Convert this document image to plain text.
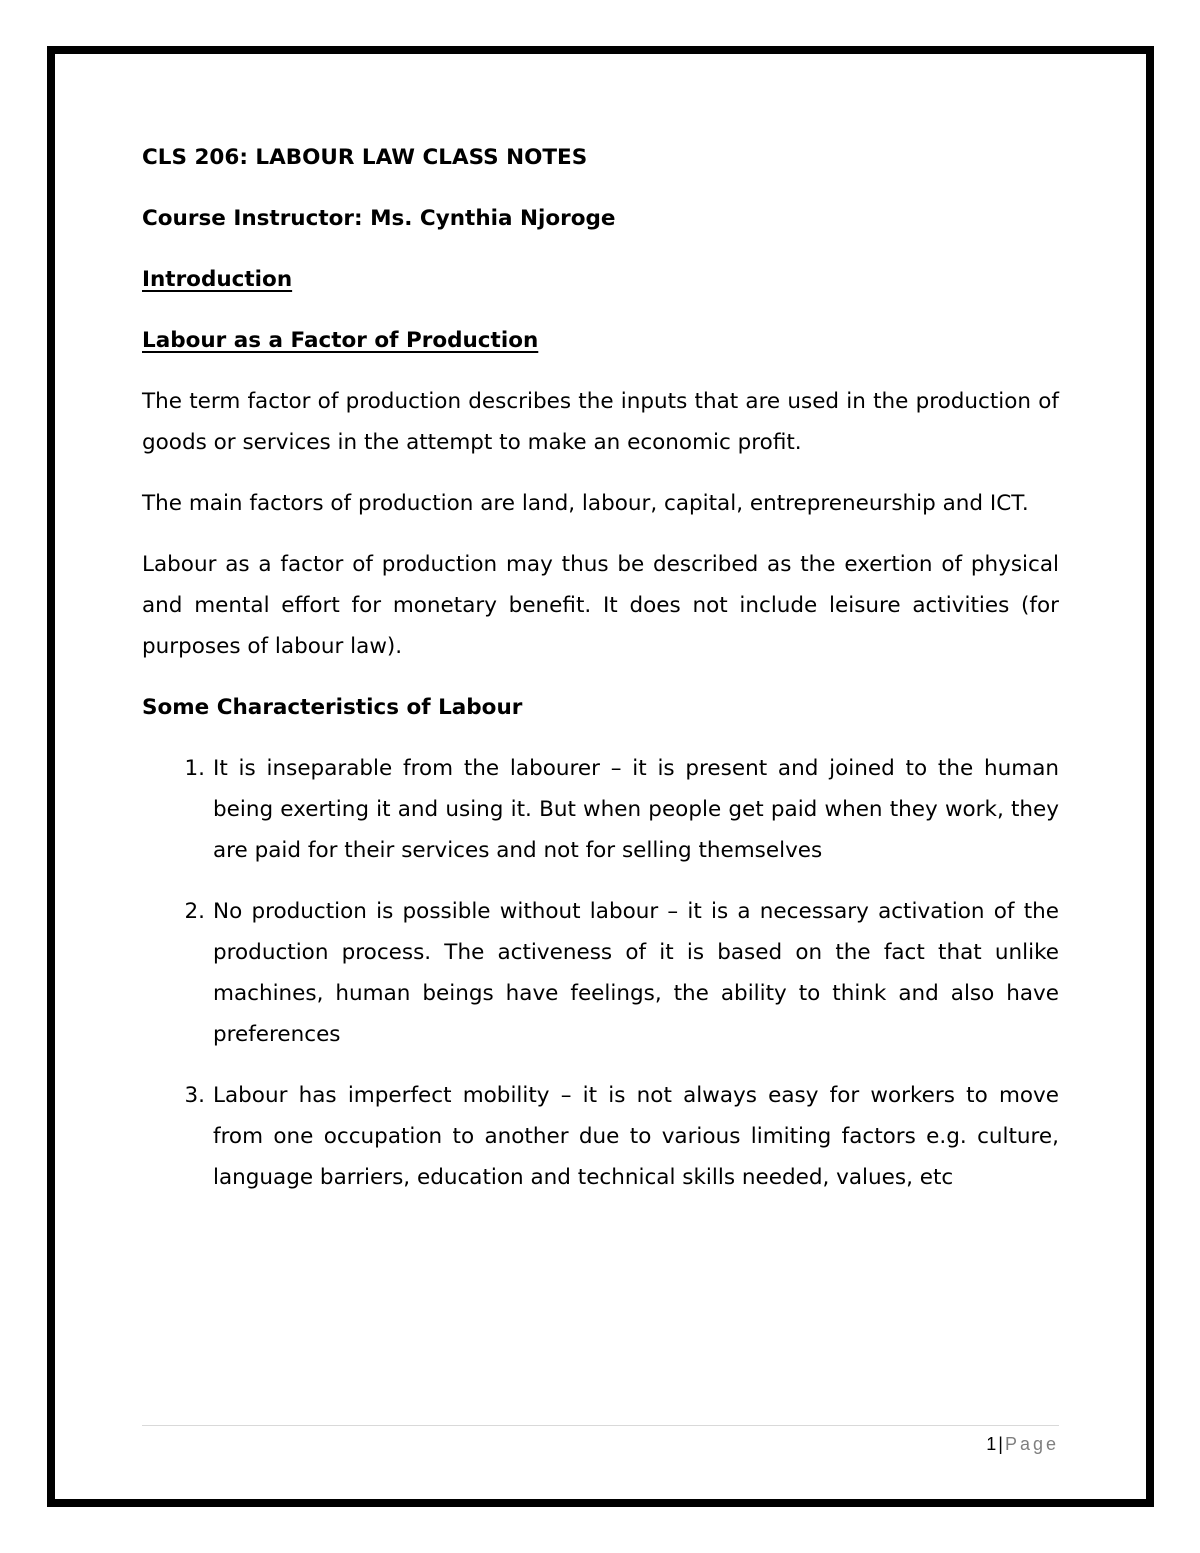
CLS 206: LABOUR LAW CLASS NOTES

Course Instructor: Ms. Cynthia Njoroge

Introduction

Labour as a Factor of Production

The term factor of production describes the inputs that are used in the production of goods or services in the attempt to make an economic profit.

The main factors of production are land, labour, capital, entrepreneurship and ICT.

Labour as a factor of production may thus be described as the exertion of physical and mental effort for monetary benefit. It does not include leisure activities (for purposes of labour law).

Some Characteristics of Labour

1. It is inseparable from the labourer – it is present and joined to the human being exerting it and using it. But when people get paid when they work, they are paid for their services and not for selling themselves
2. No production is possible without labour – it is a necessary activation of the production process. The activeness of it is based on the fact that unlike machines, human beings have feelings, the ability to think and also have preferences
3. Labour has imperfect mobility – it is not always easy for workers to move from one occupation to another due to various limiting factors e.g. culture, language barriers, education and technical skills needed, values, etc
1 | Page
